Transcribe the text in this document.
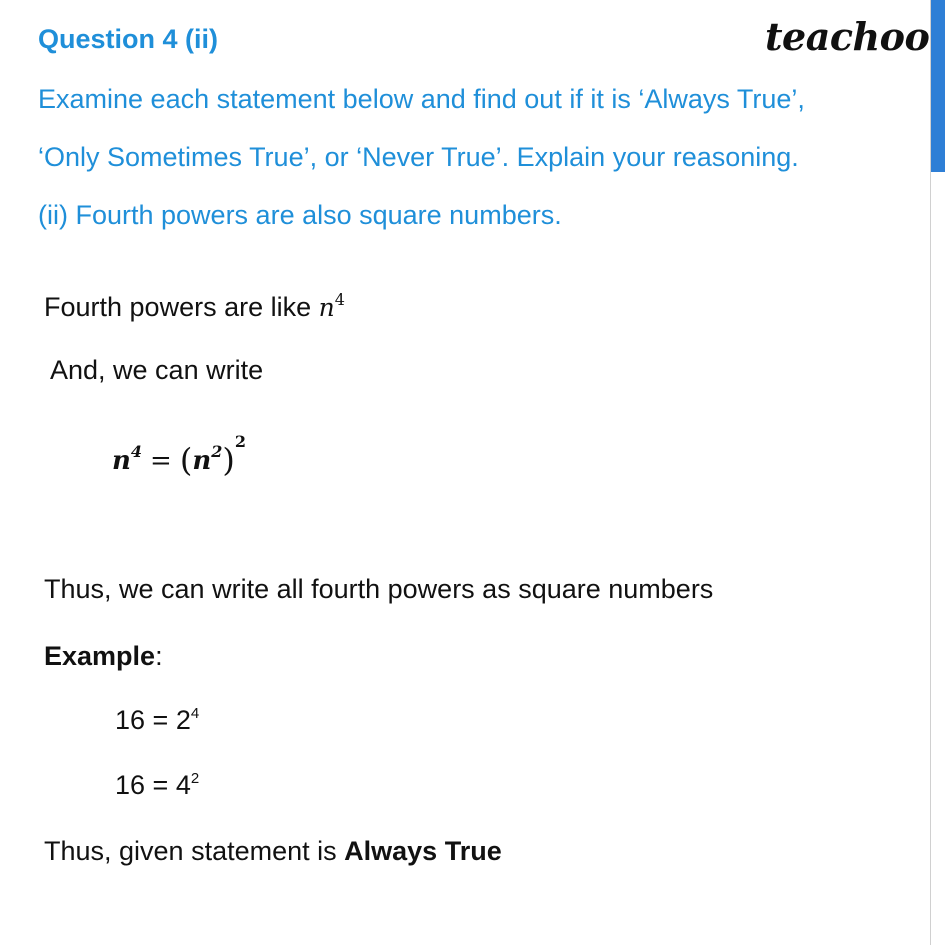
teachoo
Question 4 (ii)
Examine each statement below and find out if it is ‘Always True’,
‘Only Sometimes True’, or ‘Never True’. Explain your reasoning.
(ii) Fourth powers are also square numbers.
Fourth powers are like $n^4$
And, we can write
$n^4 = (n^2)^2$
Thus, we can write all fourth powers as square numbers
Example:
$16 = 2^4$
$16 = 4^2$
Thus, given statement is Always True
